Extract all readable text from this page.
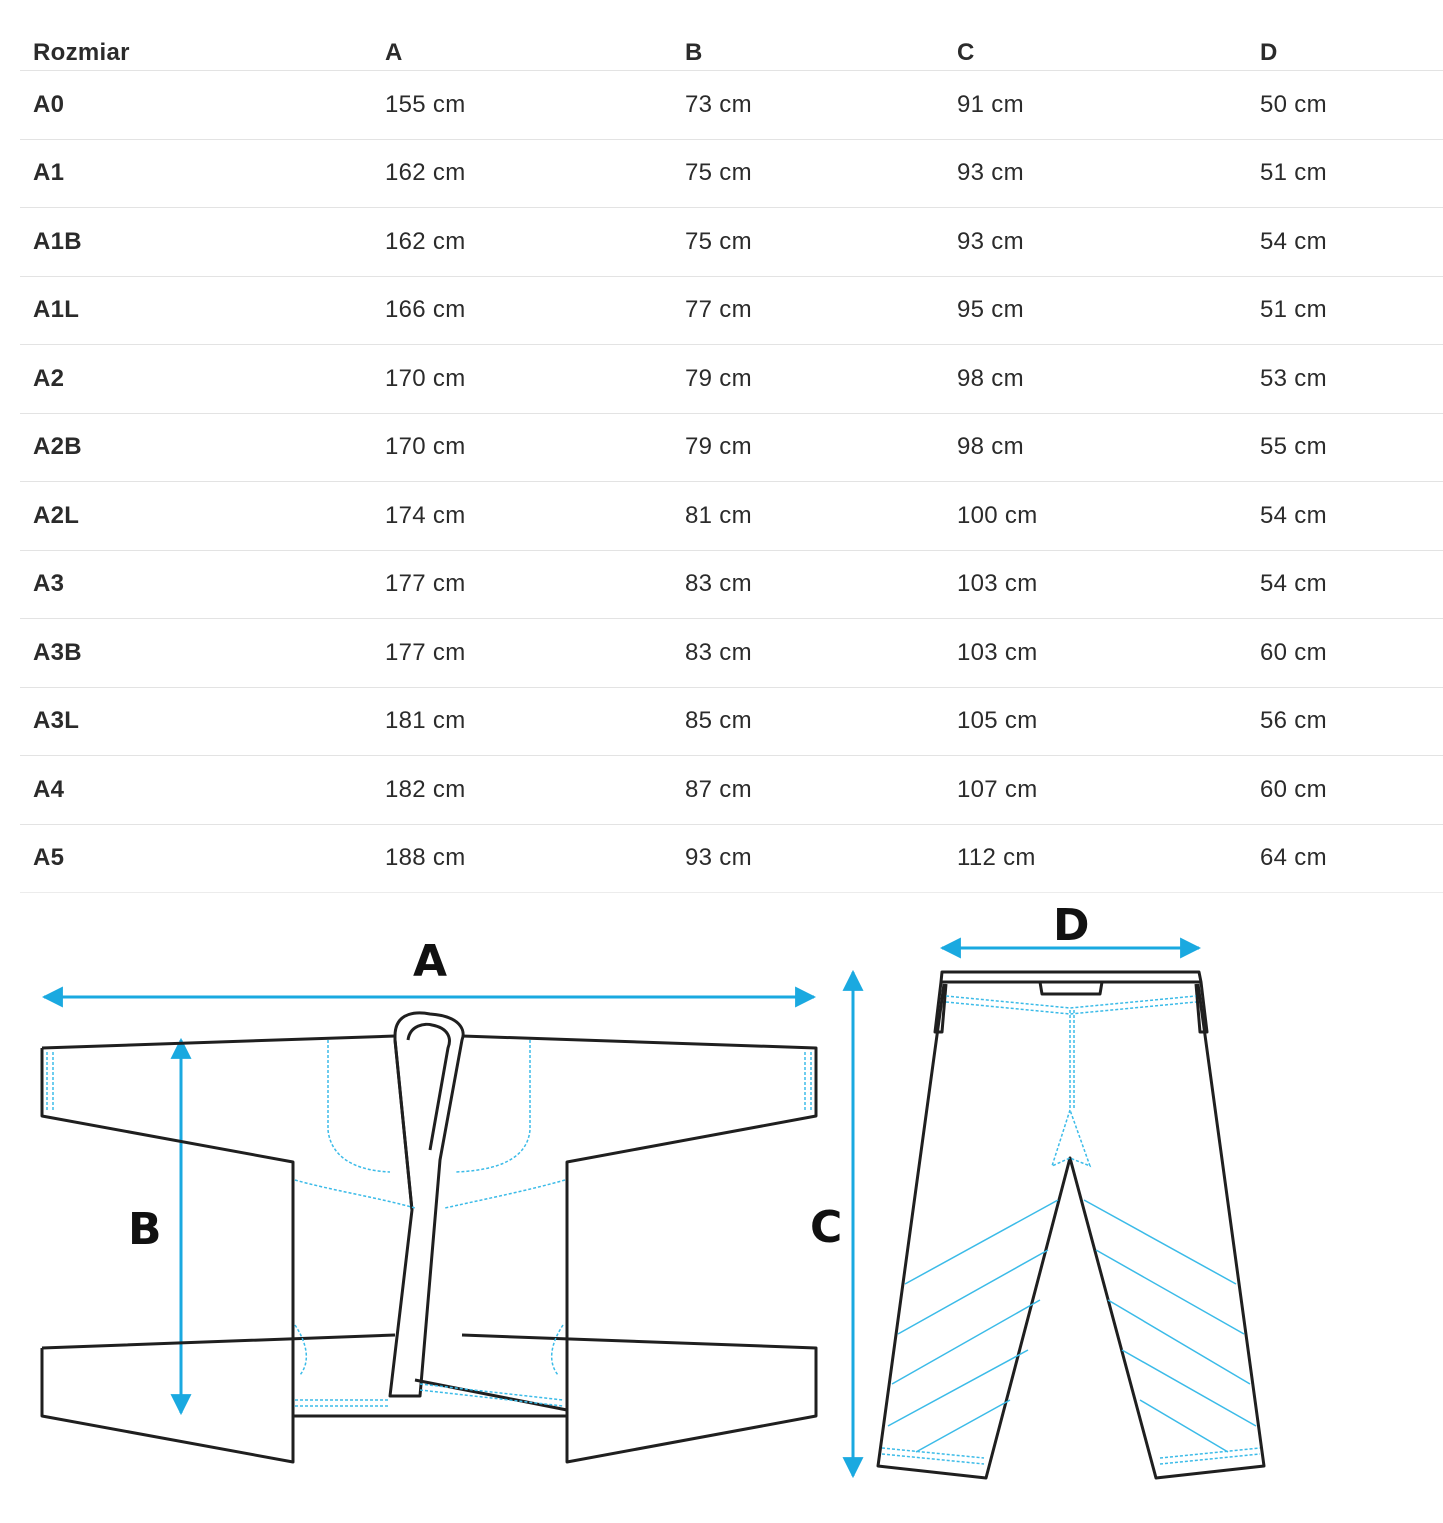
Rozmiar	A	B	C	D
A0	155 cm	73 cm	91 cm	50 cm
A1	162 cm	75 cm	93 cm	51 cm
A1B	162 cm	75 cm	93 cm	54 cm
A1L	166 cm	77 cm	95 cm	51 cm
A2	170 cm	79 cm	98 cm	53 cm
A2B	170 cm	79 cm	98 cm	55 cm
A2L	174 cm	81 cm	100 cm	54 cm
A3	177 cm	83 cm	103 cm	54 cm
A3B	177 cm	83 cm	103 cm	60 cm
A3L	181 cm	85 cm	105 cm	56 cm
A4	182 cm	87 cm	107 cm	60 cm
A5	188 cm	93 cm	112 cm	64 cm
A
B
D
C
